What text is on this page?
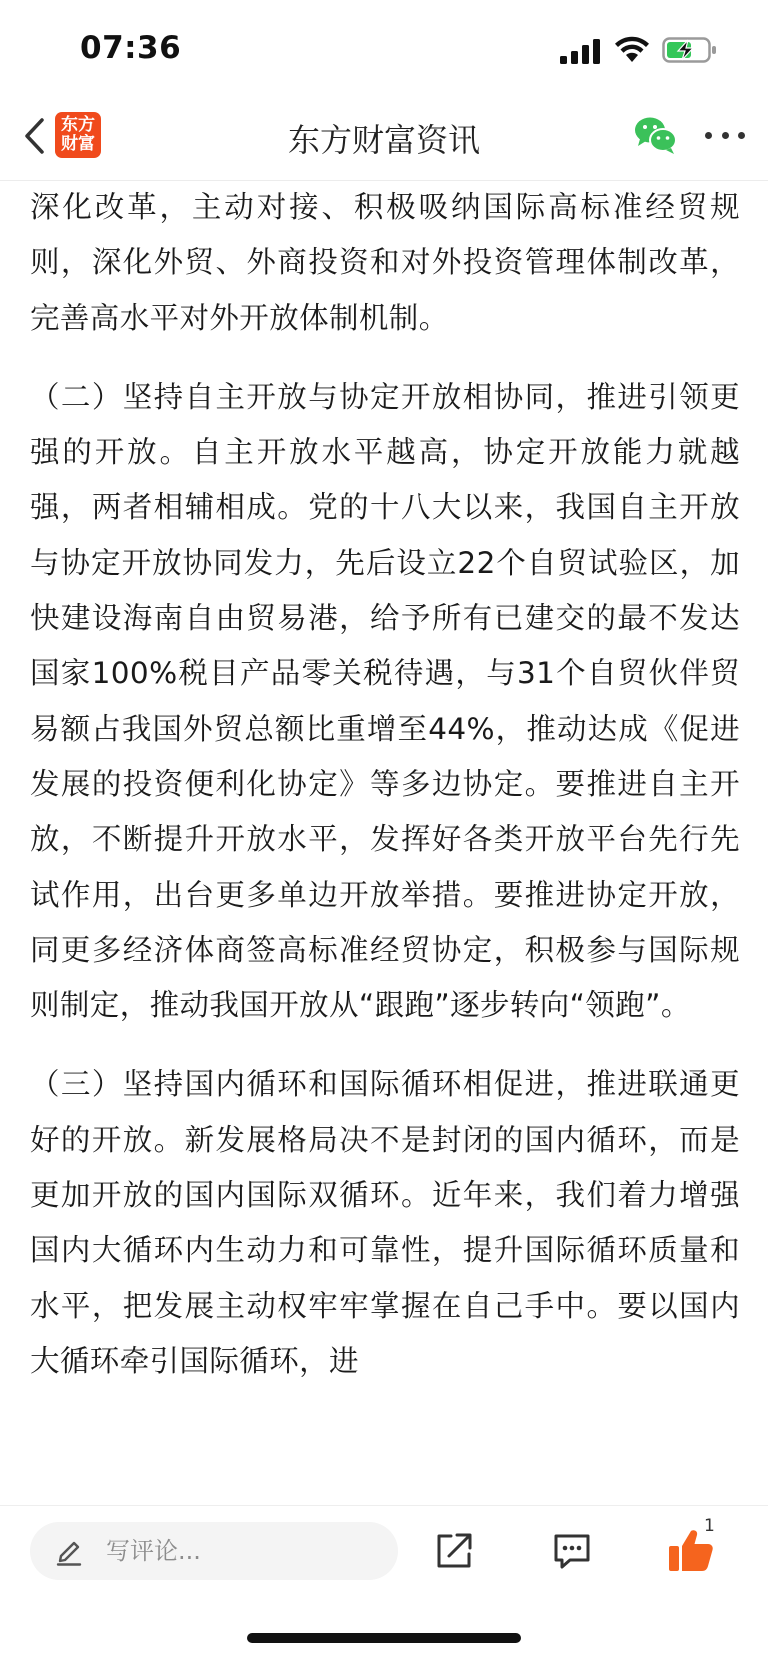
07:36
东方
财富	东方财富资讯

深化改革，主动对接、积极吸纳国际高标准经贸规则，深化外贸、外商投资和对外投资管理体制改革，完善高水平对外开放体制机制。

（二）坚持自主开放与协定开放相协同，推进引领更强的开放。自主开放水平越高，协定开放能力就越强，两者相辅相成。党的十八大以来，我国自主开放与协定开放协同发力，先后设立22个自贸试验区，加快建设海南自由贸易港，给予所有已建交的最不发达国家100%税目产品零关税待遇，与31个自贸伙伴贸易额占我国外贸总额比重增至44%，推动达成《促进发展的投资便利化协定》等多边协定。要推进自主开放，不断提升开放水平，发挥好各类开放平台先行先试作用，出台更多单边开放举措。要推进协定开放，同更多经济体商签高标准经贸协定，积极参与国际规则制定，推动我国开放从“跟跑”逐步转向“领跑”。

（三）坚持国内循环和国际循环相促进，推进联通更好的开放。新发展格局决不是封闭的国内循环，而是更加开放的国内国际双循环。近年来，我们着力增强国内大循环内生动力和可靠性，提升国际循环质量和水平，把发展主动权牢牢掌握在自己手中。要以国内大循环牵引国际循环，进

写评论...
1
